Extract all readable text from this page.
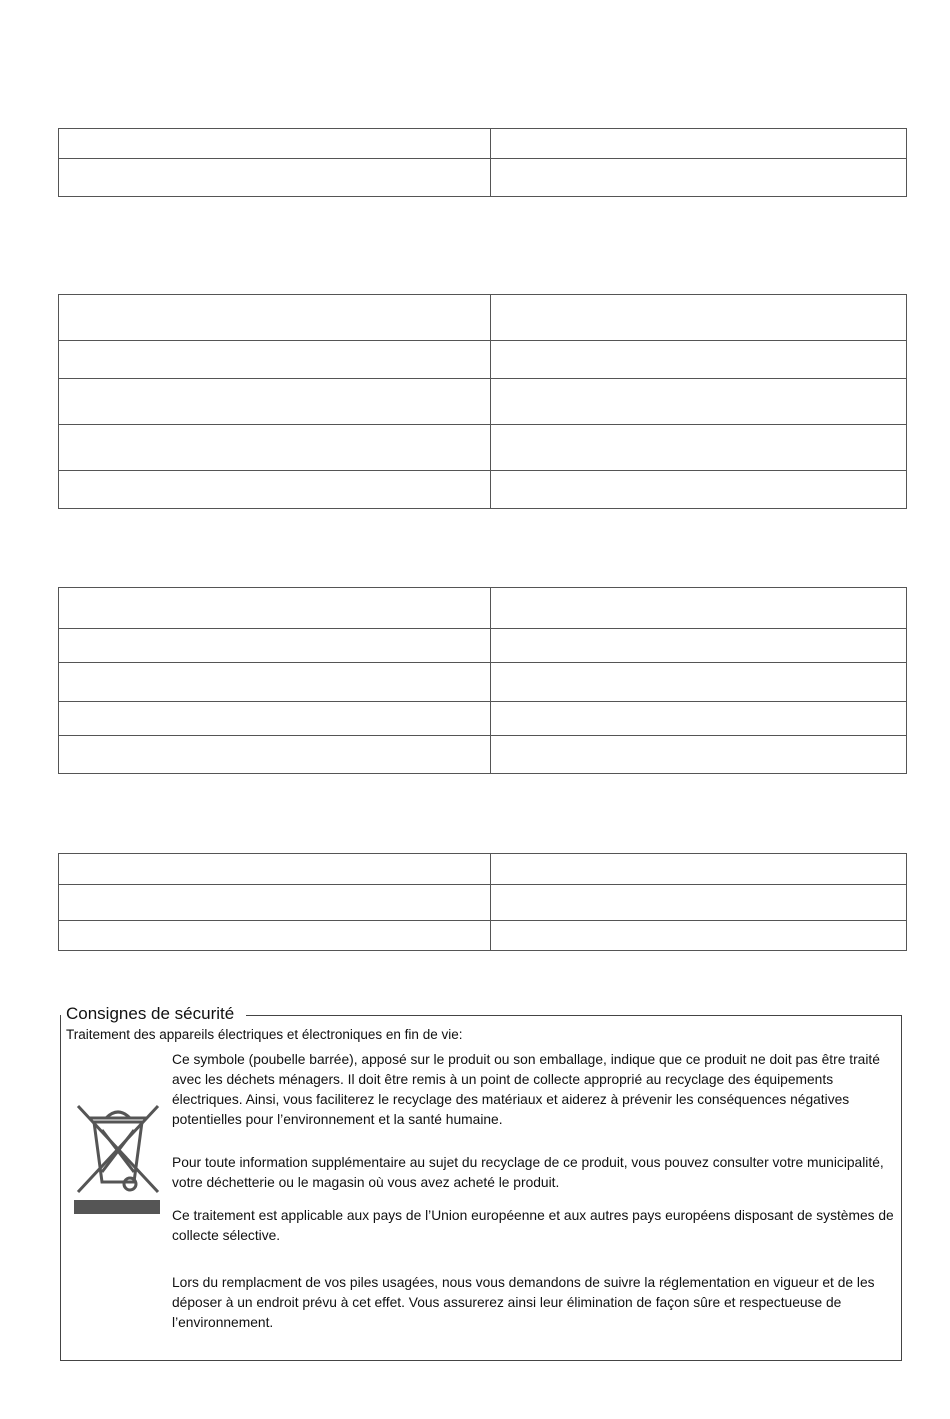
Consignes de sécurité
Traitement des appareils électriques et électroniques en fin de vie:

Ce symbole (poubelle barrée), apposé sur le produit ou son emballage, indique que ce produit ne doit pas être traité avec les déchets ménagers. Il doit être remis à un point de collecte approprié au recyclage des équipements électriques. Ainsi, vous faciliterez le recyclage des matériaux et aiderez à prévenir les conséquences négatives potentielles pour l’environnement et la santé humaine.

Pour toute information supplémentaire au sujet du recyclage de ce produit, vous pouvez consulter votre municipalité, votre déchetterie ou le magasin où vous avez acheté le produit.

Ce traitement est applicable aux pays de l’Union européenne et aux autres pays européens disposant de systèmes de collecte sélective.

Lors du remplacment de vos piles usagées, nous vous demandons de suivre la réglementation en vigueur et de les déposer à un endroit prévu à cet effet. Vous assurerez ainsi leur élimination de façon sûre et respectueuse de l’environnement.
